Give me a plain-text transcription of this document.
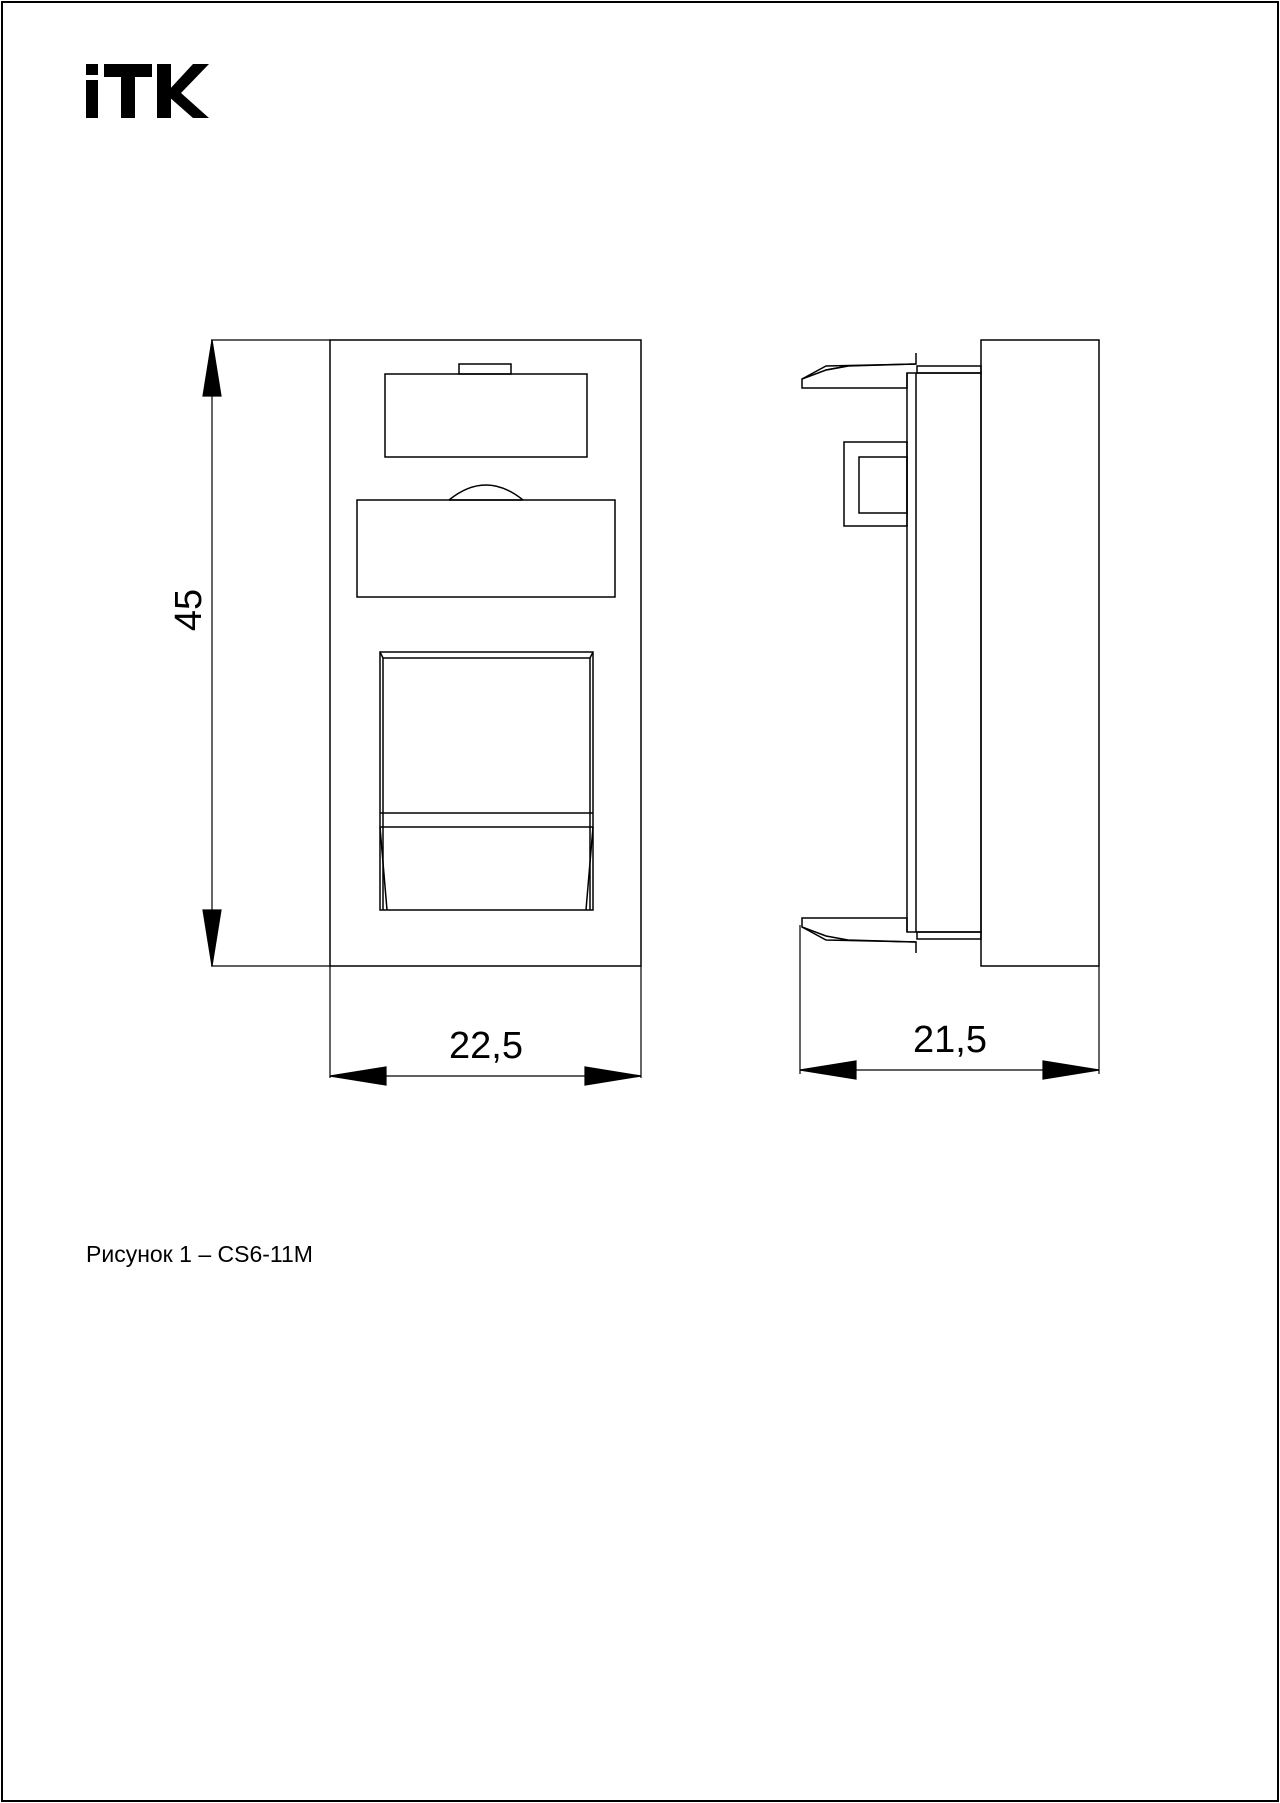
45
22,5	21,5
Рисунок 1 – CS6-11M
